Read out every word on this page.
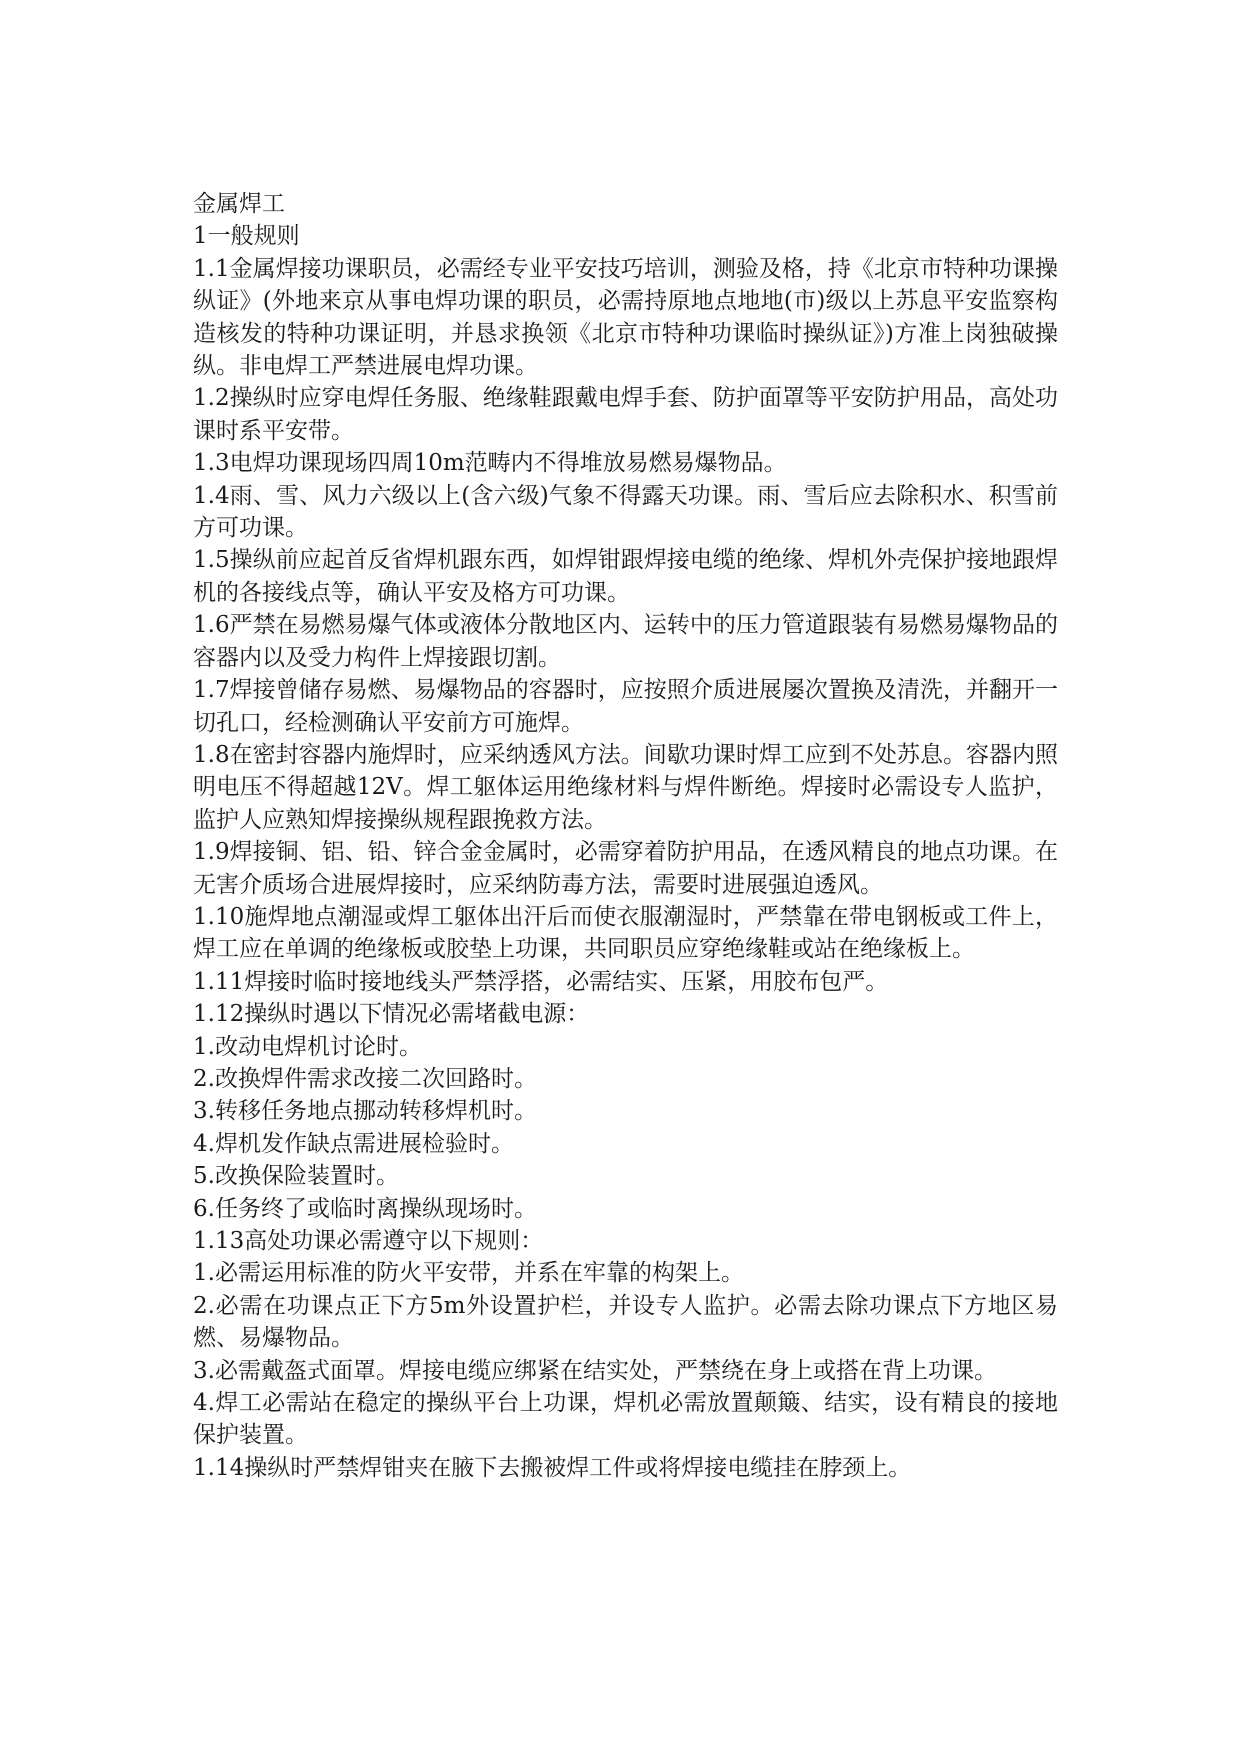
金属焊工

1一般规则

1.1金属焊接功课职员，必需经专业平安技巧培训，测验及格，持《北京市特种功课操纵证》(外地来京从事电焊功课的职员，必需持原地点地地(市)级以上苏息平安监察构造核发的特种功课证明，并恳求换领《北京市特种功课临时操纵证》)方准上岗独破操纵。非电焊工严禁进展电焊功课。

1.2操纵时应穿电焊任务服、绝缘鞋跟戴电焊手套、防护面罩等平安防护用品，高处功课时系平安带。

1.3电焊功课现场四周10m范畴内不得堆放易燃易爆物品。

1.4雨、雪、风力六级以上(含六级)气象不得露天功课。雨、雪后应去除积水、积雪前方可功课。

1.5操纵前应起首反省焊机跟东西，如焊钳跟焊接电缆的绝缘、焊机外壳保护接地跟焊机的各接线点等，确认平安及格方可功课。

1.6严禁在易燃易爆气体或液体分散地区内、运转中的压力管道跟装有易燃易爆物品的容器内以及受力构件上焊接跟切割。

1.7焊接曾储存易燃、易爆物品的容器时，应按照介质进展屡次置换及清洗，并翻开一切孔口，经检测确认平安前方可施焊。

1.8在密封容器内施焊时，应采纳透风方法。间歇功课时焊工应到不处苏息。容器内照明电压不得超越12V。焊工躯体运用绝缘材料与焊件断绝。焊接时必需设专人监护，监护人应熟知焊接操纵规程跟挽救方法。

1.9焊接铜、铝、铅、锌合金金属时，必需穿着防护用品，在透风精良的地点功课。在无害介质场合进展焊接时，应采纳防毒方法，需要时进展强迫透风。

1.10施焊地点潮湿或焊工躯体出汗后而使衣服潮湿时，严禁靠在带电钢板或工件上，焊工应在单调的绝缘板或胶垫上功课，共同职员应穿绝缘鞋或站在绝缘板上。

1.11焊接时临时接地线头严禁浮搭，必需结实、压紧，用胶布包严。

1.12操纵时遇以下情况必需堵截电源：

1.改动电焊机讨论时。

2.改换焊件需求改接二次回路时。

3.转移任务地点挪动转移焊机时。

4.焊机发作缺点需进展检验时。

5.改换保险装置时。

6.任务终了或临时离操纵现场时。

1.13高处功课必需遵守以下规则：

1.必需运用标准的防火平安带，并系在牢靠的构架上。

2.必需在功课点正下方5m外设置护栏，并设专人监护。必需去除功课点下方地区易燃、易爆物品。

3.必需戴盔式面罩。焊接电缆应绑紧在结实处，严禁绕在身上或搭在背上功课。

4.焊工必需站在稳定的操纵平台上功课，焊机必需放置颠簸、结实，设有精良的接地保护装置。

1.14操纵时严禁焊钳夹在腋下去搬被焊工件或将焊接电缆挂在脖颈上。
